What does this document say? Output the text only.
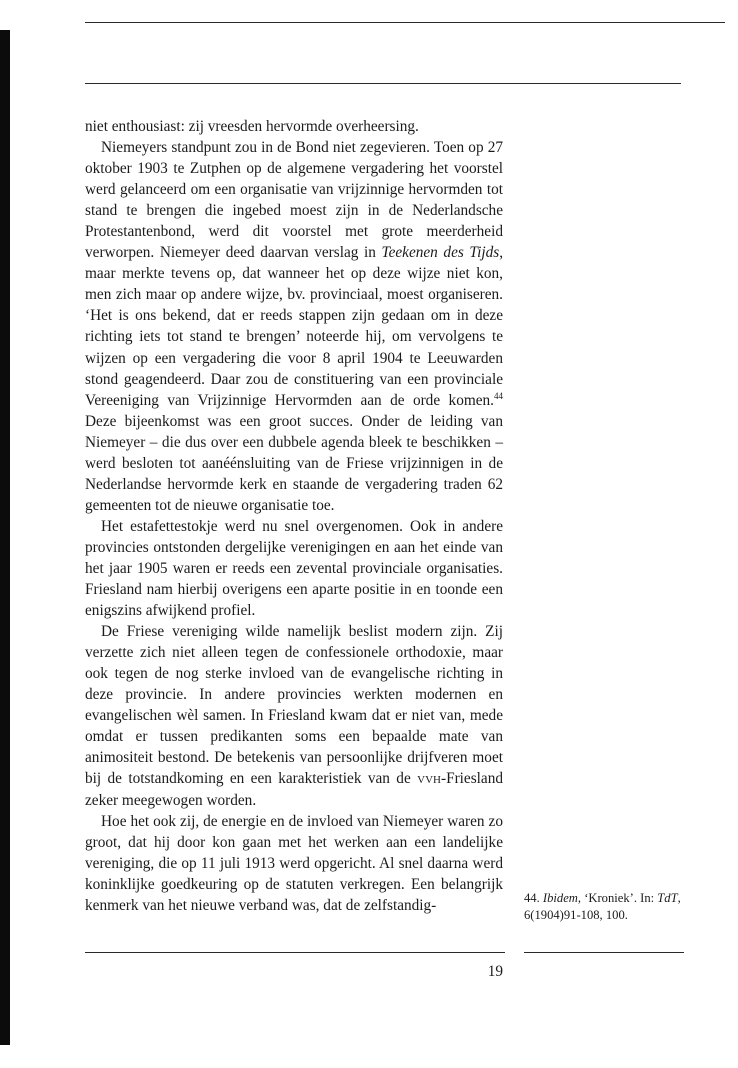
niet enthousiast: zij vreesden hervormde overheersing.

Niemeyers standpunt zou in de Bond niet zegevieren. Toen op 27 oktober 1903 te Zutphen op de algemene vergadering het voorstel werd gelanceerd om een organisatie van vrijzinnige hervormden tot stand te brengen die ingebed moest zijn in de Nederlandsche Protestantenbond, werd dit voorstel met grote meerderheid verworpen. Niemeyer deed daarvan verslag in Teekenen des Tijds, maar merkte tevens op, dat wanneer het op deze wijze niet kon, men zich maar op andere wijze, bv. provinciaal, moest organiseren. ‘Het is ons bekend, dat er reeds stappen zijn gedaan om in deze richting iets tot stand te brengen’ noteerde hij, om vervolgens te wijzen op een vergadering die voor 8 april 1904 te Leeuwarden stond geagendeerd. Daar zou de constituering van een provinciale Vereeniging van Vrijzinnige Hervormden aan de orde komen.$^{44}$ Deze bijeenkomst was een groot succes. Onder de leiding van Niemeyer – die dus over een dubbele agenda bleek te beschikken – werd besloten tot aanéénsluiting van de Friese vrijzinnigen in de Nederlandse hervormde kerk en staande de vergadering traden 62 gemeenten tot de nieuwe organisatie toe.

Het estafettestokje werd nu snel overgenomen. Ook in andere provincies ontstonden dergelijke verenigingen en aan het einde van het jaar 1905 waren er reeds een zevental provinciale organisaties. Friesland nam hierbij overigens een aparte positie in en toonde een enigszins afwijkend profiel.

De Friese vereniging wilde namelijk beslist modern zijn. Zij verzette zich niet alleen tegen de confessionele orthodoxie, maar ook tegen de nog sterke invloed van de evangelische richting in deze provincie. In andere provincies werkten modernen en evangelischen wèl samen. In Friesland kwam dat er niet van, mede omdat er tussen predikanten soms een bepaalde mate van animositeit bestond. De betekenis van persoonlijke drijfveren moet bij de totstandkoming en een karakteristiek van de vvh-Friesland zeker meegewogen worden.

Hoe het ook zij, de energie en de invloed van Niemeyer waren zo groot, dat hij door kon gaan met het werken aan een landelijke vereniging, die op 11 juli 1913 werd opgericht. Al snel daarna werd koninklijke goedkeuring op de statuten verkregen. Een belangrijk kenmerk van het nieuwe verband was, dat de zelfstandig-	44. Ibidem, ‘Kroniek’. In: TdT, 6(1904)91-108, 100.
19
